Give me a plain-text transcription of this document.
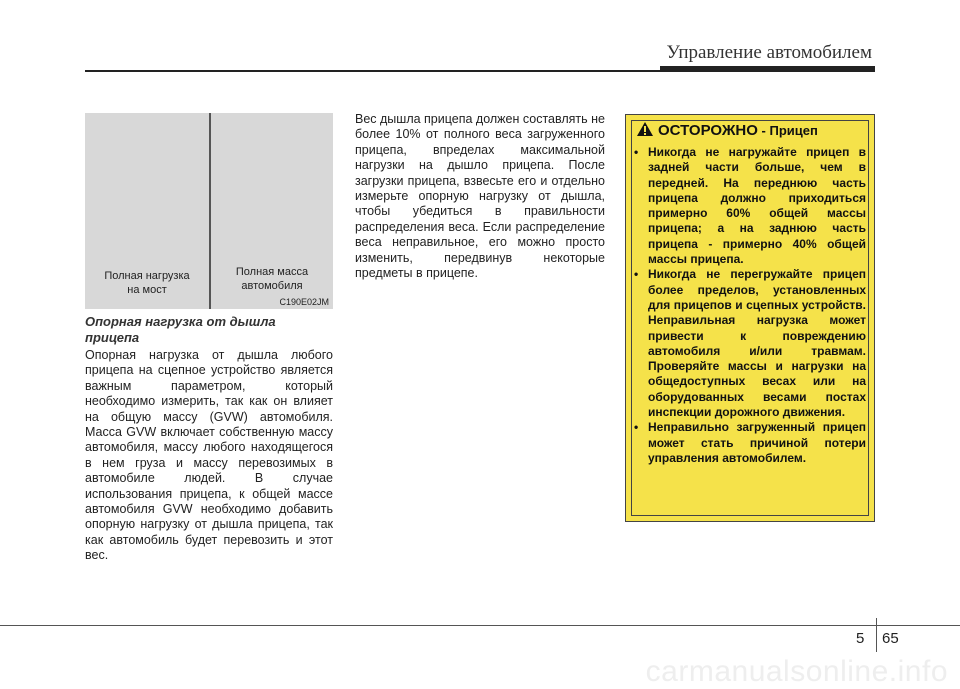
Управление автомобилем
Полная нагрузка
на мост
Полная масса
автомобиля
C190E02JM

Опорная нагрузка от дышла прицепа

Опорная нагрузка от дышла любого прицепа на сцепное устройство является важным параметром, который необходимо измерить, так как он влияет на общую массу (GVW) автомобиля. Масса GVW включает собственную массу автомобиля, массу любого находящегося в нем груза и массу перевозимых в автомобиле людей. В случае использования прицепа, к общей массе автомобиля GVW необходимо добавить опорную нагрузку от дышла прицепа, так как автомобиль будет перевозить и этот вес.

Вес дышла прицепа должен составлять не более 10% от полного веса загруженного прицепа, впределах максимальной нагрузки на дышло прицепа. После загрузки прицепа, взвесьте его и отдельно измерьте опорную нагрузку от дышла, чтобы убедиться в правильности распределения веса. Если распределение веса неправильное, его можно просто изменить, передвинув некоторые предметы в прицепе.

ОСТОРОЖНО - Прицеп
• Никогда не нагружайте прицеп в задней части больше, чем в передней. На переднюю часть прицепа должно приходиться примерно 60% общей массы прицепа; а на заднюю часть прицепа - примерно 40% общей массы прицепа.
• Никогда не перегружайте прицеп более пределов, установленных для прицепов и сцепных устройств. Неправильная нагрузка может привести к повреждению автомобиля и/или травмам. Проверяйте массы и нагрузки на общедоступных весах или на оборудованных весами постах инспекции дорожного движения.
• Неправильно загруженный прицеп может стать причиной потери управления автомобилем.
5 65
carmanualsonline.info
